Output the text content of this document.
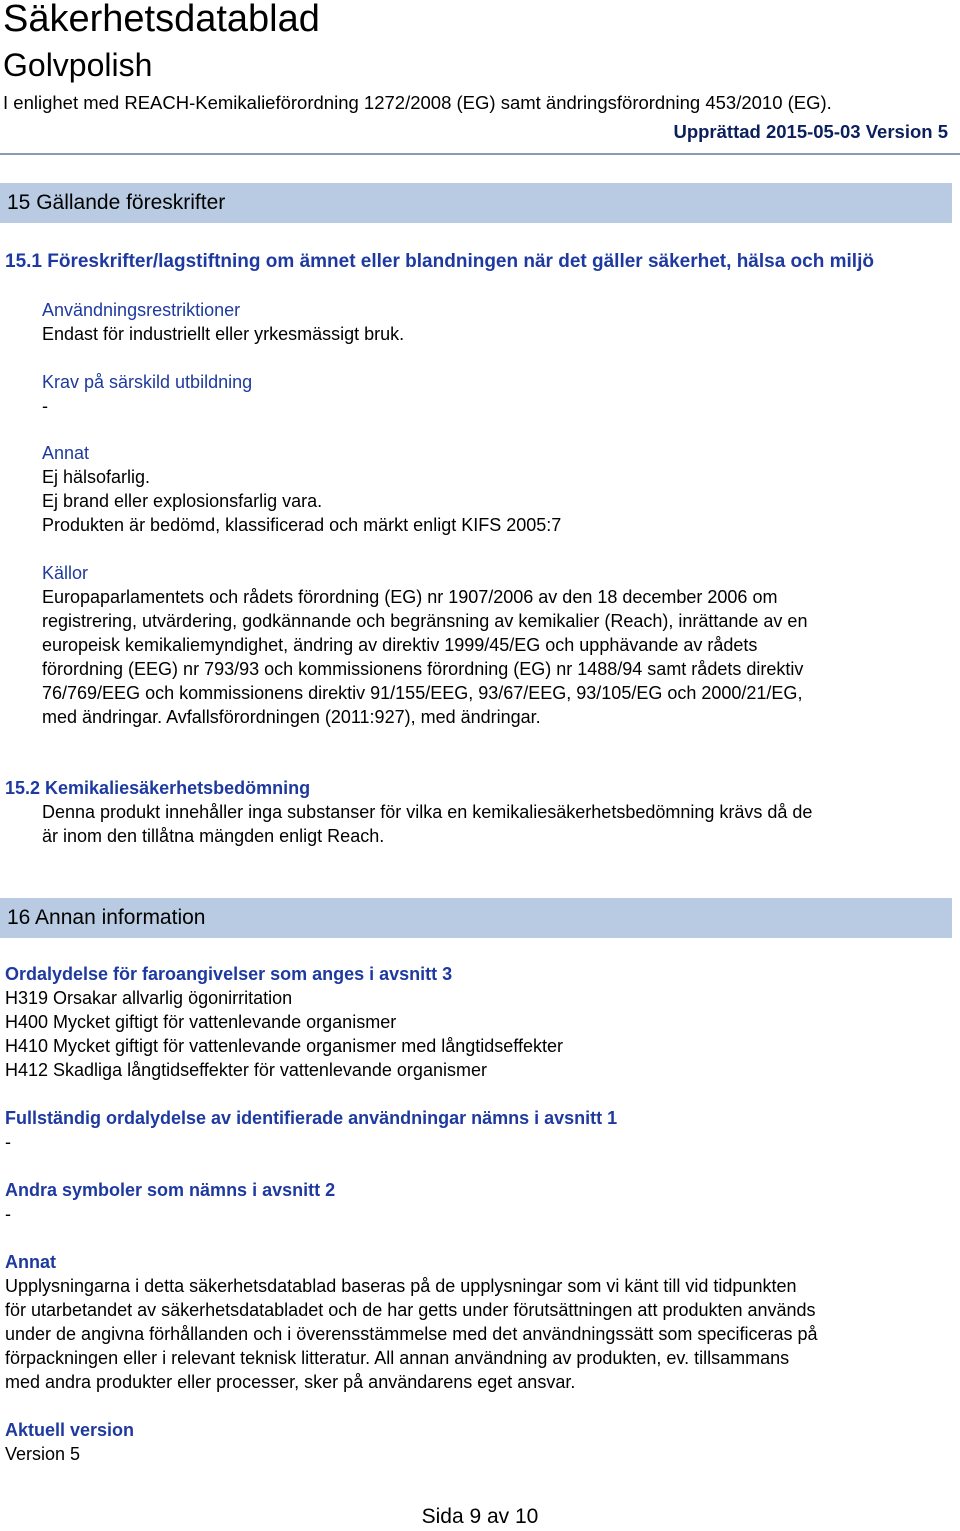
Säkerhetsdatablad
Golvpolish
I enlighet med REACH-Kemikalieförordning 1272/2008 (EG) samt ändringsförordning 453/2010 (EG).
Upprättad 2015-05-03 Version 5
15 Gällande föreskrifter
15.1 Föreskrifter/lagstiftning om ämnet eller blandningen när det gäller säkerhet, hälsa och miljö
Användningsrestriktioner
Endast för industriellt eller yrkesmässigt bruk.
Krav på särskild utbildning
-
Annat
Ej hälsofarlig.
Ej brand eller explosionsfarlig vara.
Produkten är bedömd, klassificerad och märkt enligt KIFS 2005:7
Källor
Europaparlamentets och rådets förordning (EG) nr 1907/2006 av den 18 december 2006 om
registrering, utvärdering, godkännande och begränsning av kemikalier (Reach), inrättande av en
europeisk kemikaliemyndighet, ändring av direktiv 1999/45/EG och upphävande av rådets
förordning (EEG) nr 793/93 och kommissionens förordning (EG) nr 1488/94 samt rådets direktiv
76/769/EEG och kommissionens direktiv 91/155/EEG, 93/67/EEG, 93/105/EG och 2000/21/EG,
med ändringar. Avfallsförordningen (2011:927), med ändringar.
15.2 Kemikaliesäkerhetsbedömning
Denna produkt innehåller inga substanser för vilka en kemikaliesäkerhetsbedömning krävs då de
är inom den tillåtna mängden enligt Reach.
16 Annan information
Ordalydelse för faroangivelser som anges i avsnitt 3
H319 Orsakar allvarlig ögonirritation
H400 Mycket giftigt för vattenlevande organismer
H410 Mycket giftigt för vattenlevande organismer med långtidseffekter
H412 Skadliga långtidseffekter för vattenlevande organismer
Fullständig ordalydelse av identifierade användningar nämns i avsnitt 1
-
Andra symboler som nämns i avsnitt 2
-
Annat
Upplysningarna i detta säkerhetsdatablad baseras på de upplysningar som vi känt till vid tidpunkten
för utarbetandet av säkerhetsdatabladet och de har getts under förutsättningen att produkten används
under de angivna förhållanden och i överensstämmelse med det användningssätt som specificeras på
förpackningen eller i relevant teknisk litteratur. All annan användning av produkten, ev. tillsammans
med andra produkter eller processer, sker på användarens eget ansvar.
Aktuell version
Version 5
Sida 9 av 10
